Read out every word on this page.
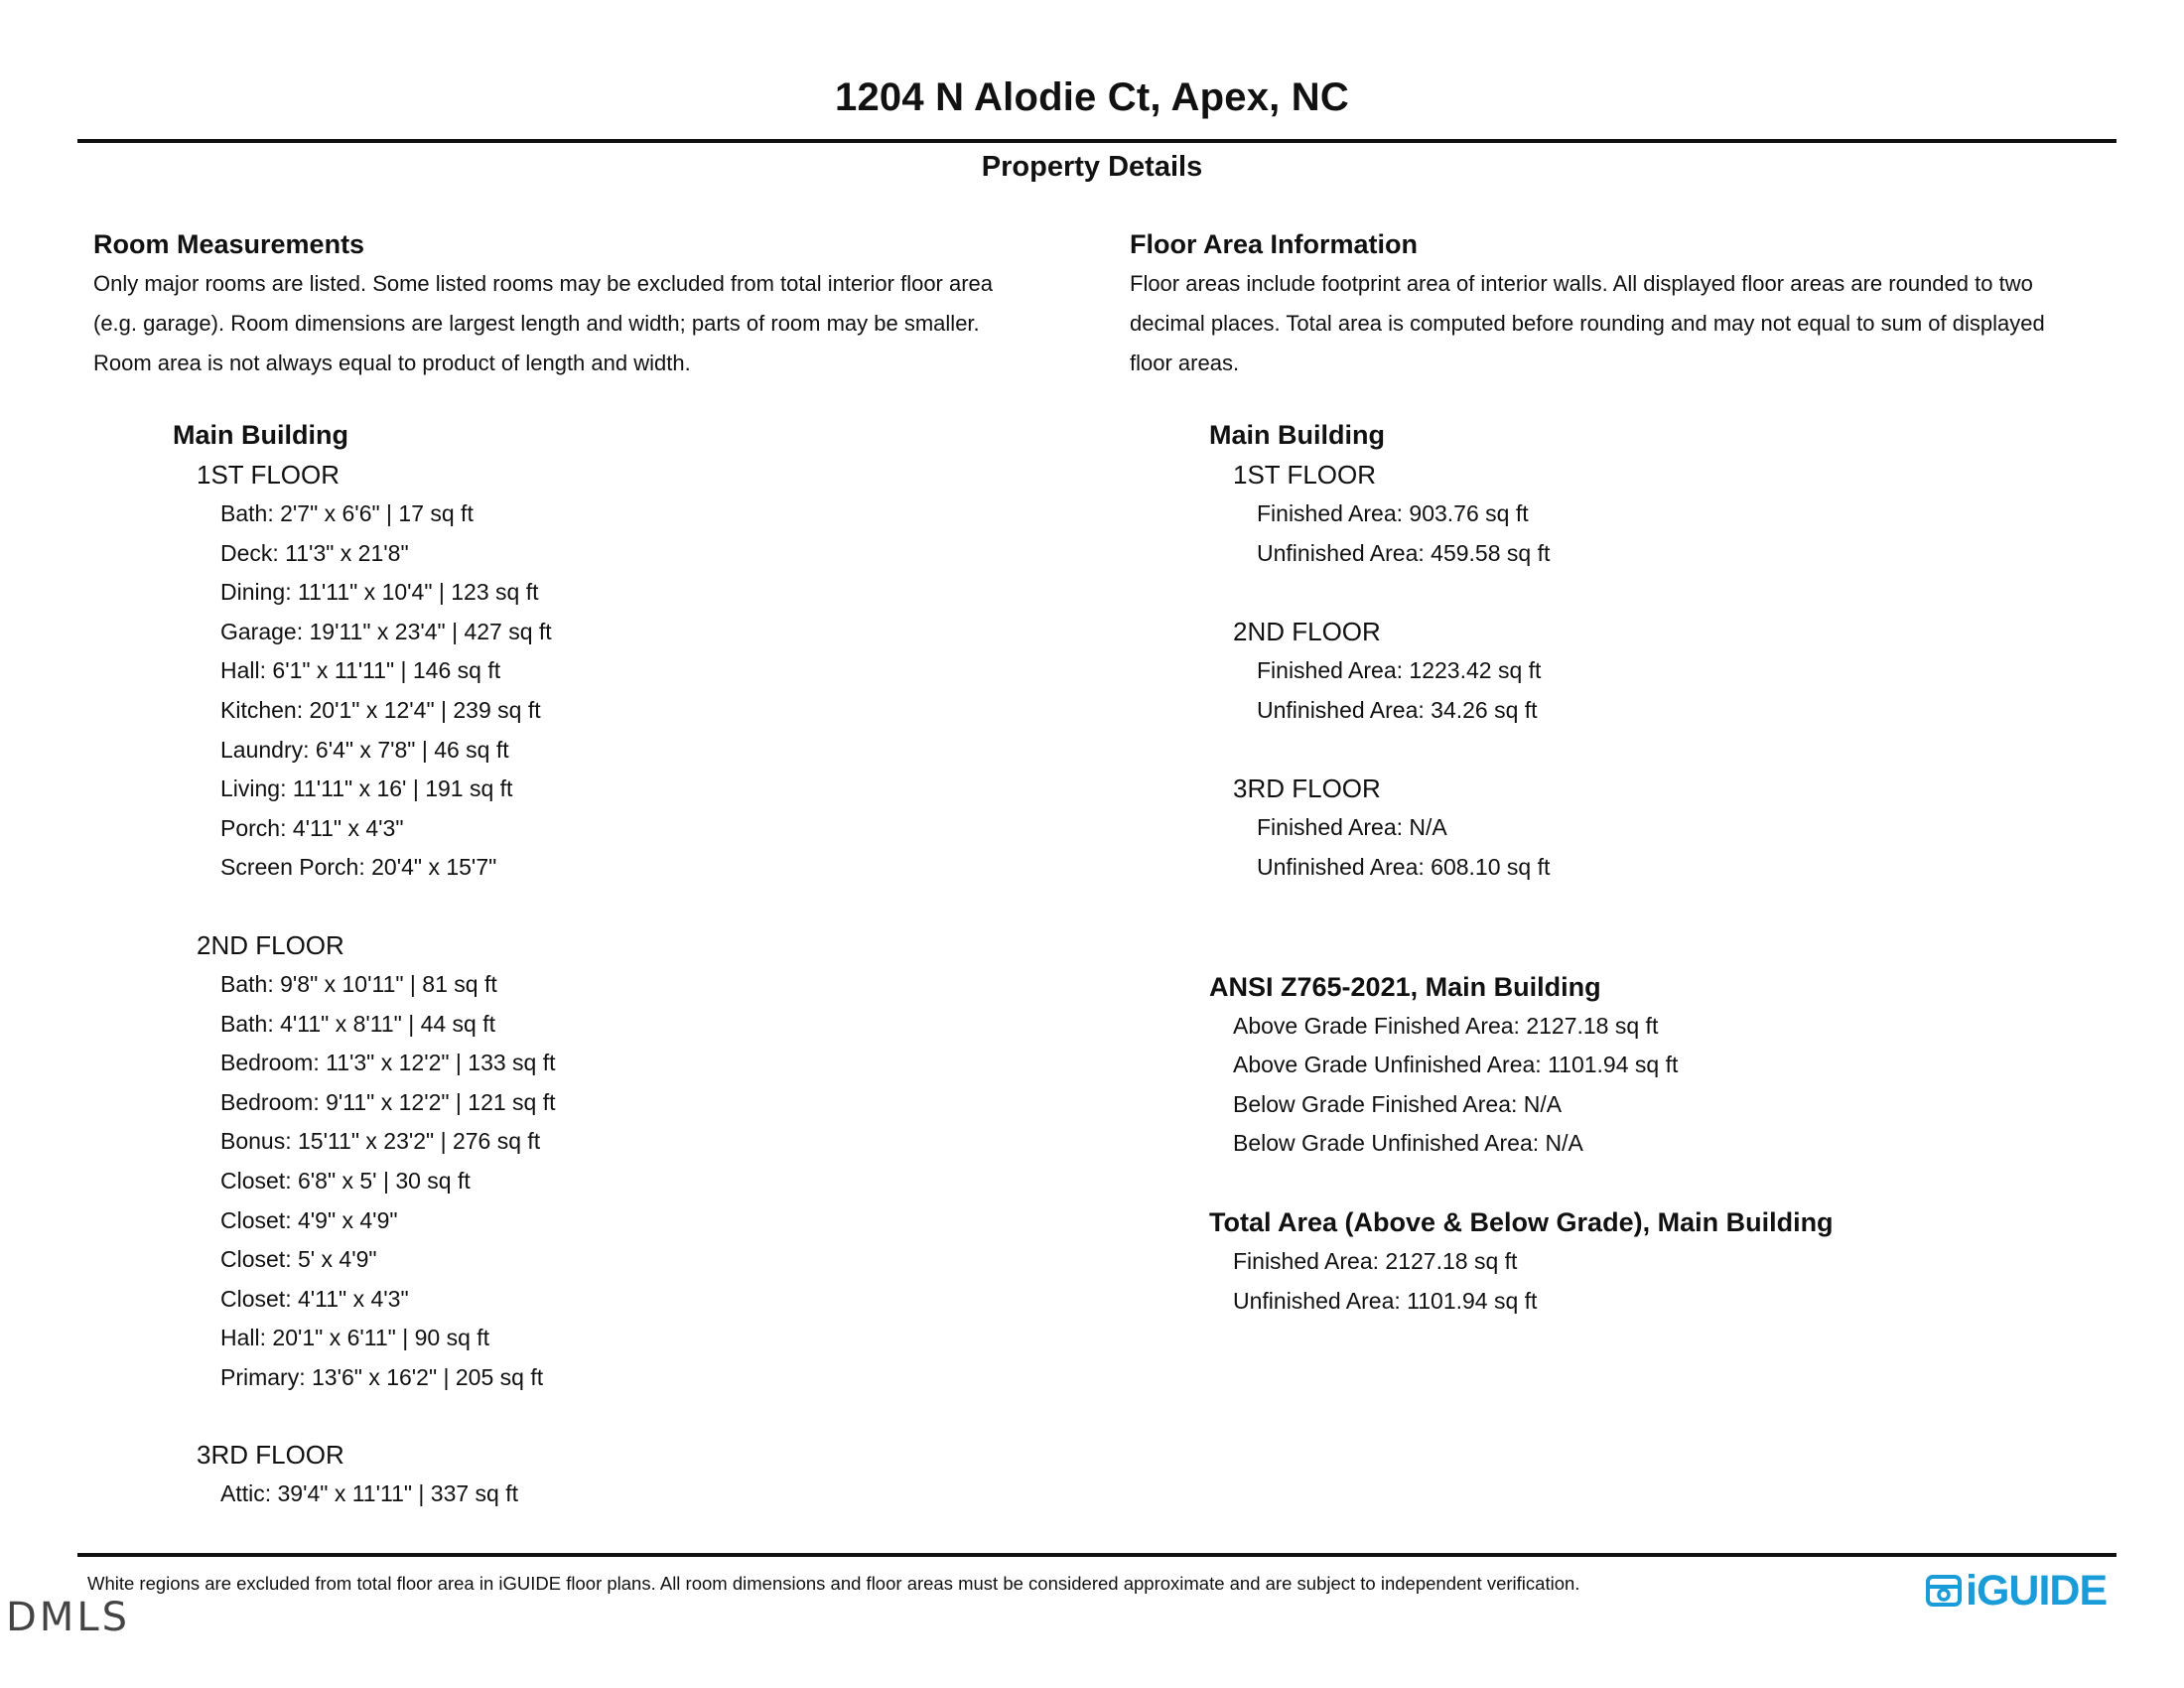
1204 N Alodie Ct, Apex, NC
Property Details
Room Measurements
Only major rooms are listed. Some listed rooms may be excluded from total interior floor area
(e.g. garage). Room dimensions are largest length and width; parts of room may be smaller.
Room area is not always equal to product of length and width.
Main Building
1ST FLOOR
Bath: 2'7" x 6'6" | 17 sq ft
Deck: 11'3" x 21'8"
Dining: 11'11" x 10'4" | 123 sq ft
Garage: 19'11" x 23'4" | 427 sq ft
Hall: 6'1" x 11'11" | 146 sq ft
Kitchen: 20'1" x 12'4" | 239 sq ft
Laundry: 6'4" x 7'8" | 46 sq ft
Living: 11'11" x 16' | 191 sq ft
Porch: 4'11" x 4'3"
Screen Porch: 20'4" x 15'7"
2ND FLOOR
Bath: 9'8" x 10'11" | 81 sq ft
Bath: 4'11" x 8'11" | 44 sq ft
Bedroom: 11'3" x 12'2" | 133 sq ft
Bedroom: 9'11" x 12'2" | 121 sq ft
Bonus: 15'11" x 23'2" | 276 sq ft
Closet: 6'8" x 5' | 30 sq ft
Closet: 4'9" x 4'9"
Closet: 5' x 4'9"
Closet: 4'11" x 4'3"
Hall: 20'1" x 6'11" | 90 sq ft
Primary: 13'6" x 16'2" | 205 sq ft
3RD FLOOR
Attic: 39'4" x 11'11" | 337 sq ft
Floor Area Information
Floor areas include footprint area of interior walls. All displayed floor areas are rounded to two
decimal places. Total area is computed before rounding and may not equal to sum of displayed
floor areas.
Main Building
1ST FLOOR
Finished Area: 903.76 sq ft
Unfinished Area: 459.58 sq ft
2ND FLOOR
Finished Area: 1223.42 sq ft
Unfinished Area: 34.26 sq ft
3RD FLOOR
Finished Area: N/A
Unfinished Area: 608.10 sq ft
ANSI Z765-2021, Main Building
Above Grade Finished Area: 2127.18 sq ft
Above Grade Unfinished Area: 1101.94 sq ft
Below Grade Finished Area: N/A
Below Grade Unfinished Area: N/A
Total Area (Above & Below Grade), Main Building
Finished Area: 2127.18 sq ft
Unfinished Area: 1101.94 sq ft
White regions are excluded from total floor area in iGUIDE floor plans. All room dimensions and floor areas must be considered approximate and are subject to independent verification.
DMLS
iGUIDE
